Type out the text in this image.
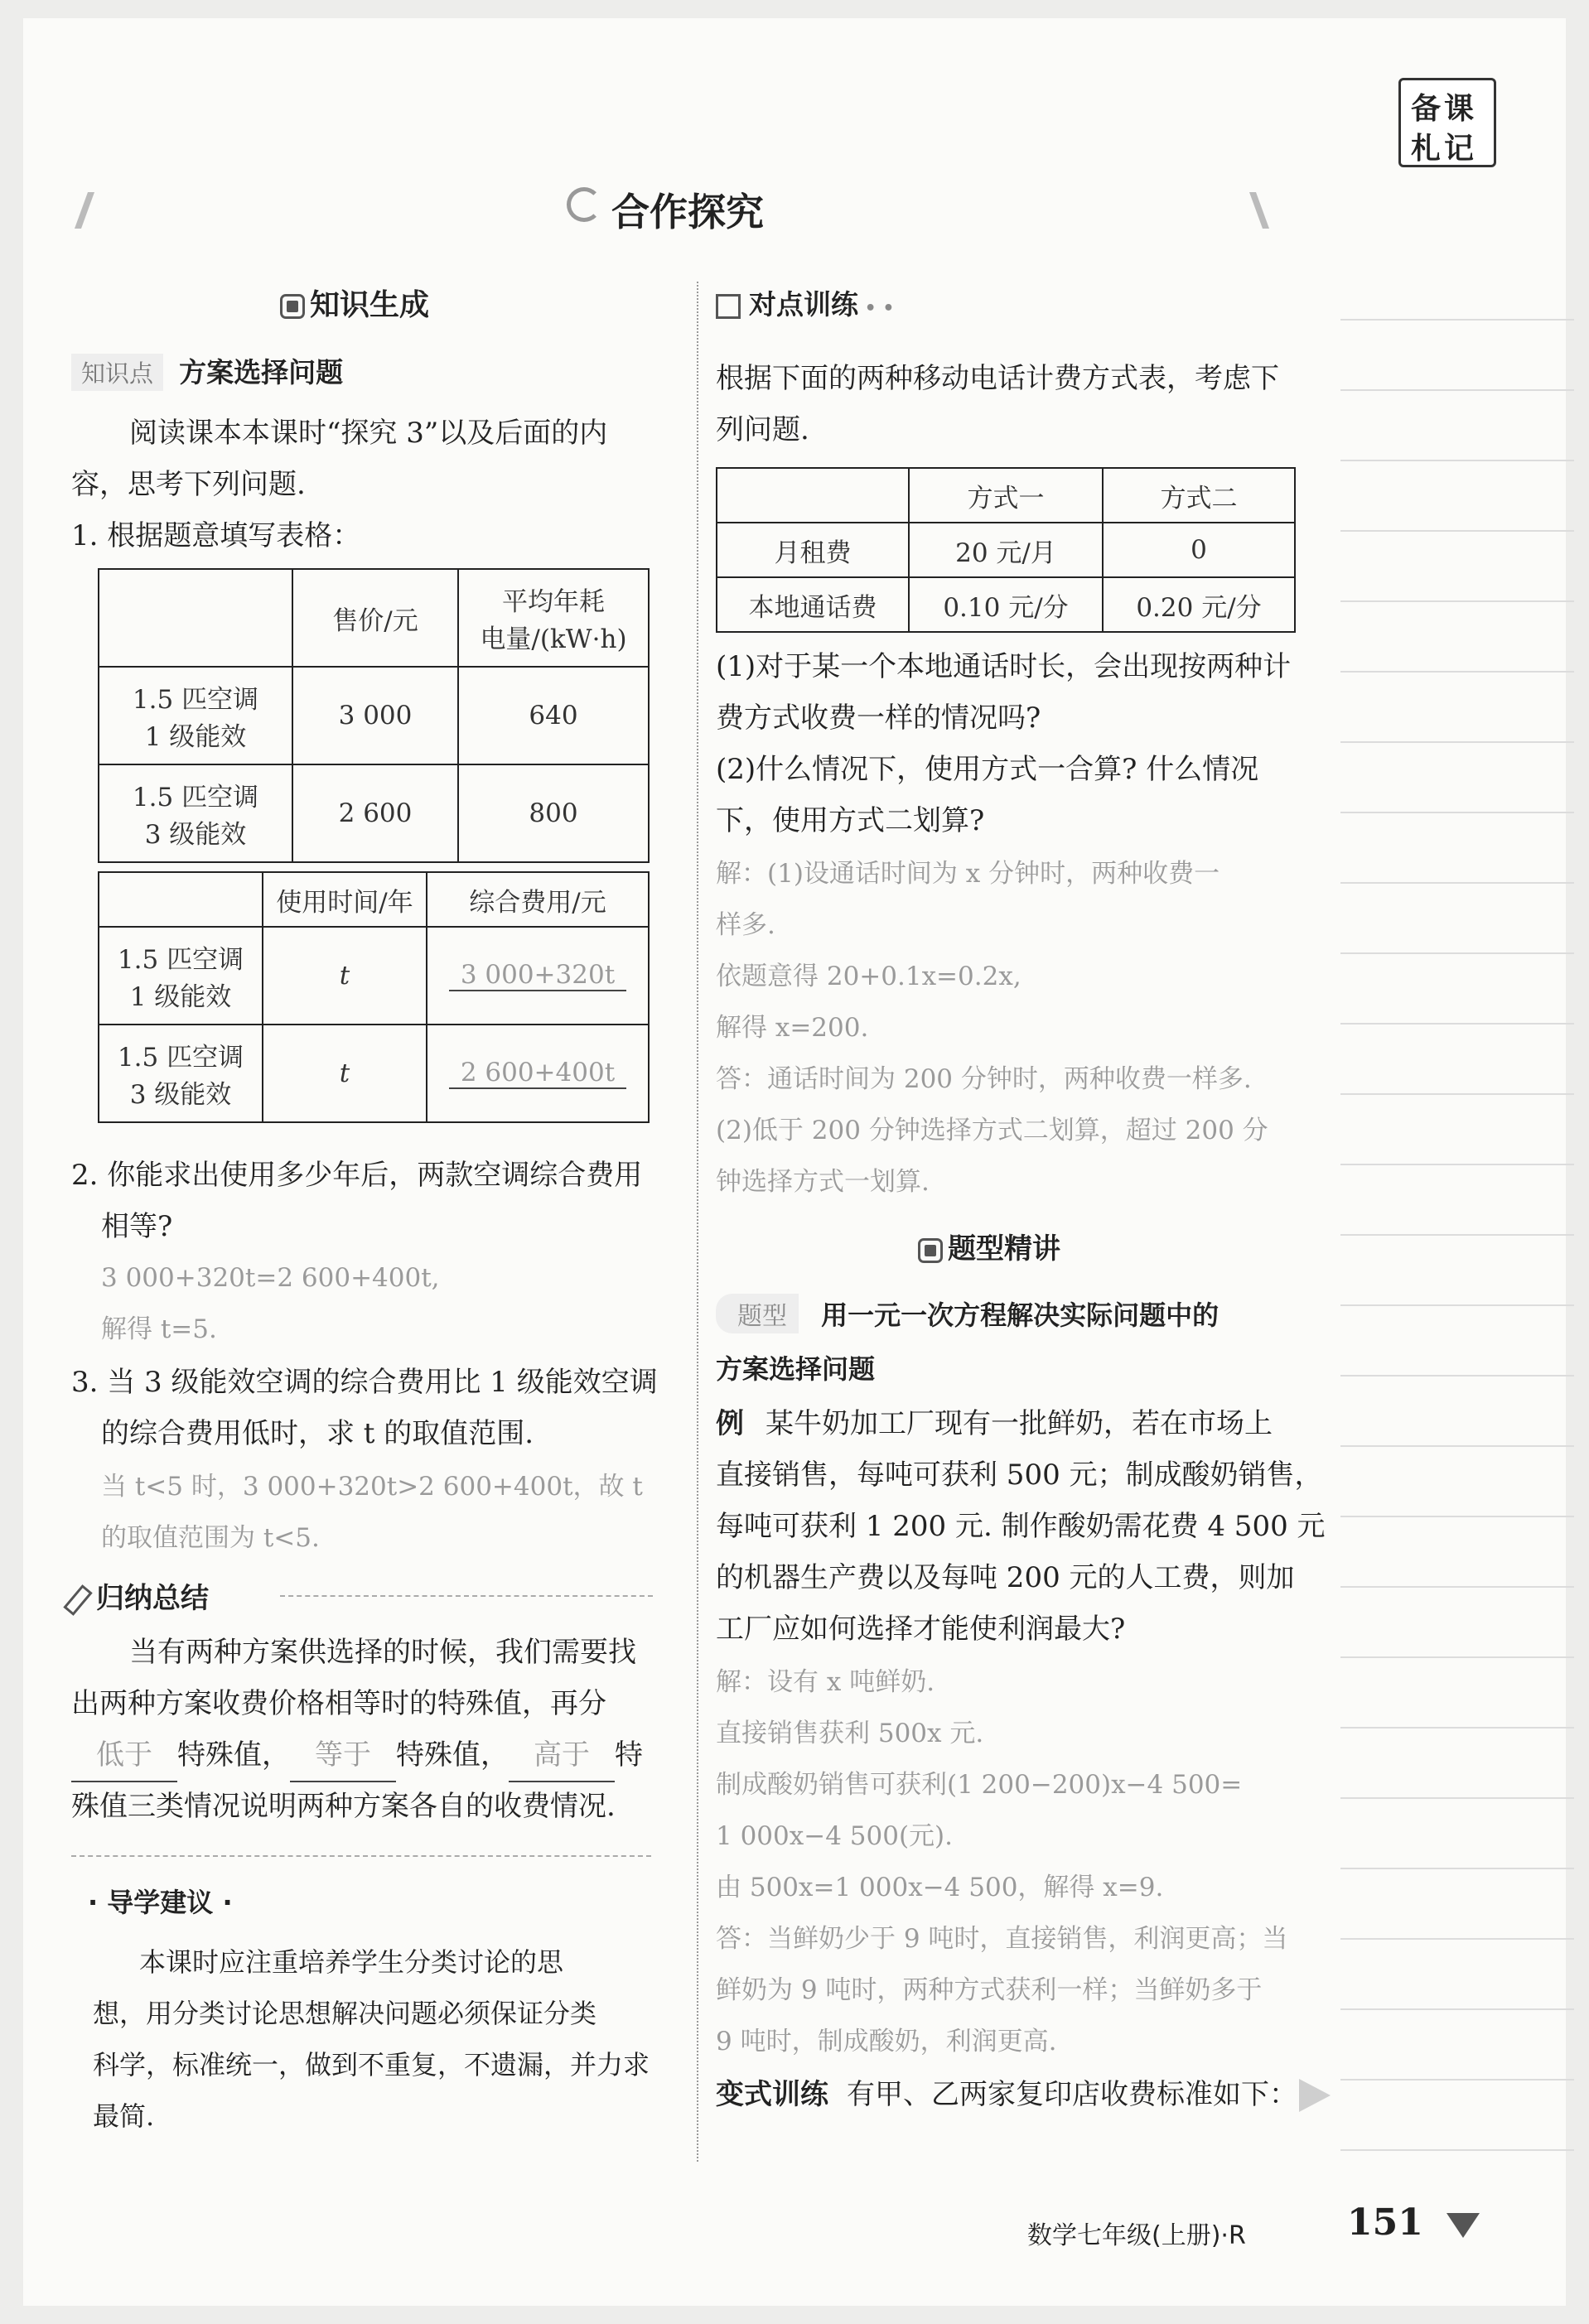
备课
札记
合作探究
知识生成
知识点 方案选择问题
阅读课本本课时“探究 3”以及后面的内
容，思考下列问题.
1. 根据题意填写表格：
	售价/元	平均年耗
电量/(kW·h)

1.5 匹空调
1 级能效	3 000	640

1.5 匹空调
3 级能效	2 600	800
	使用时间/年	综合费用/元

1.5 匹空调
1 级能效	t	3 000+320t

1.5 匹空调
3 级能效	t	2 600+400t
2. 你能求出使用多少年后，两款空调综合费用
相等?
3 000+320t=2 600+400t,
解得 t=5.
3. 当 3 级能效空调的综合费用比 1 级能效空调
的综合费用低时，求 t 的取值范围.
当 t<5 时，3 000+320t>2 600+400t，故 t
的取值范围为 t<5.
归纳总结
当有两种方案供选择的时候，我们需要找
出两种方案收费价格相等时的特殊值，再分
低于 特殊值， 等于 特殊值， 高于 特
殊值三类情况说明两种方案各自的收费情况.
· 导学建议 ·
本课时应注重培养学生分类讨论的思
想，用分类讨论思想解决问题必须保证分类
科学，标准统一，做到不重复，不遗漏，并力求
最简.
对点训练 • •
根据下面的两种移动电话计费方式表，考虑下
列问题.
	方式一	方式二
月租费	20 元/月	0
本地通话费	0.10 元/分	0.20 元/分
(1)对于某一个本地通话时长，会出现按两种计
费方式收费一样的情况吗?
(2)什么情况下，使用方式一合算? 什么情况
下，使用方式二划算?
解：(1)设通话时间为 x 分钟时，两种收费一
样多.
依题意得 20+0.1x=0.2x,
解得 x=200.
答：通话时间为 200 分钟时，两种收费一样多.
(2)低于 200 分钟选择方式二划算，超过 200 分
钟选择方式一划算.
题型精讲
题型 用一元一次方程解决实际问题中的
方案选择问题
例 某牛奶加工厂现有一批鲜奶，若在市场上
直接销售，每吨可获利 500 元；制成酸奶销售，
每吨可获利 1 200 元. 制作酸奶需花费 4 500 元
的机器生产费以及每吨 200 元的人工费，则加
工厂应如何选择才能使利润最大?
解：设有 x 吨鲜奶.
直接销售获利 500x 元.
制成酸奶销售可获利(1 200−200)x−4 500=
1 000x−4 500(元).
由 500x=1 000x−4 500，解得 x=9.
答：当鲜奶少于 9 吨时，直接销售，利润更高；当
鲜奶为 9 吨时，两种方式获利一样；当鲜奶多于
9 吨时，制成酸奶，利润更高.
变式训练 有甲、乙两家复印店收费标准如下：
数学七年级(上册)·R	151
